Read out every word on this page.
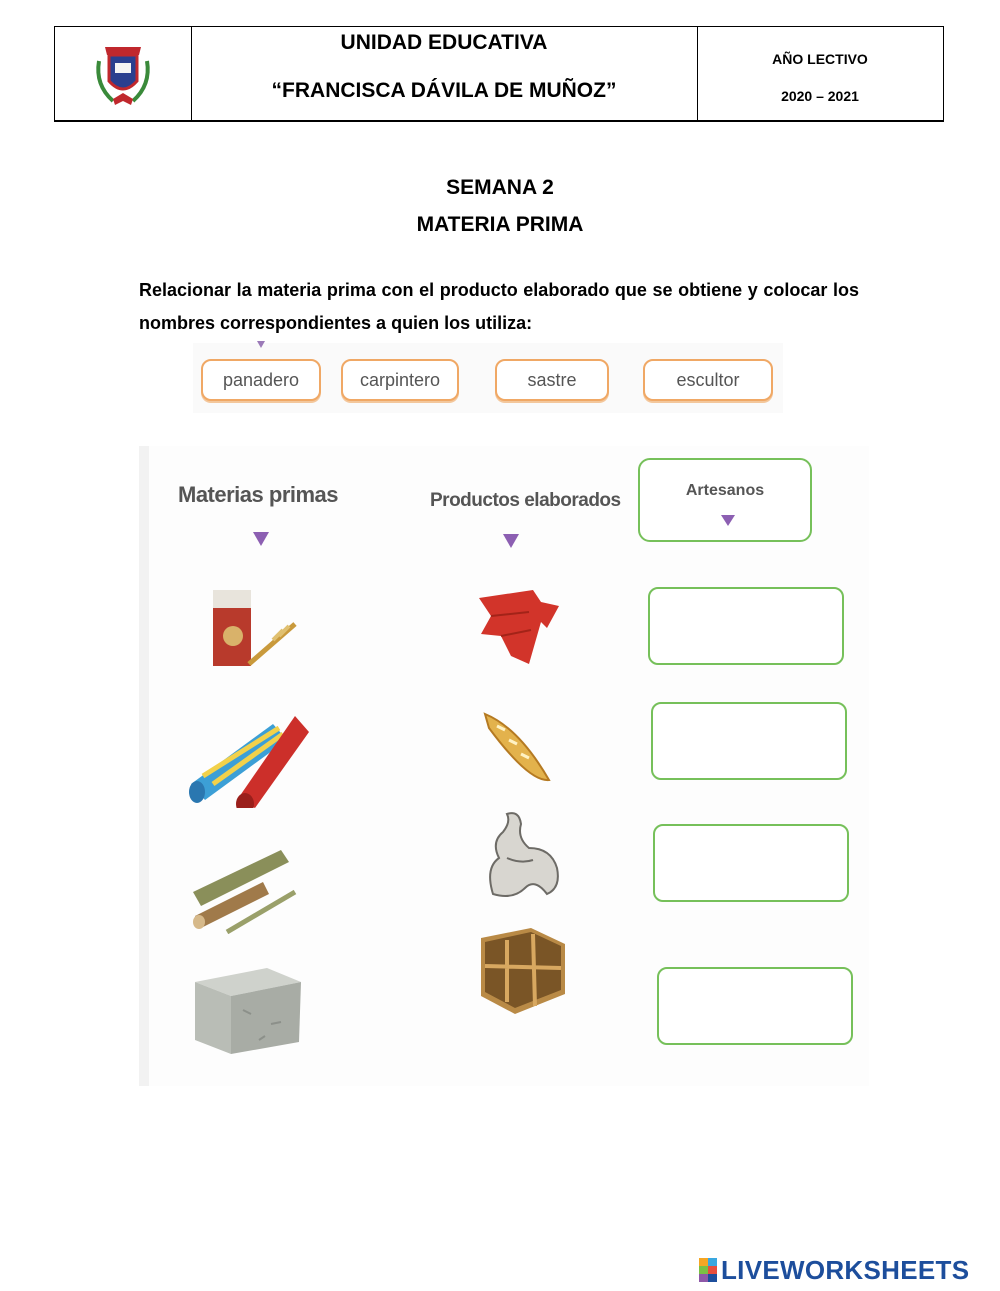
UNIDAD EDUCATIVA
“FRANCISCA DÁVILA DE MUÑOZ”
AÑO LECTIVO
2020 – 2021
SEMANA 2
MATERIA PRIMA
Relacionar la materia prima con el producto elaborado que se obtiene y colocar los nombres correspondientes a quien los utiliza:
panadero	carpintero	sastre	escultor
Materias primas	Productos elaborados	Artesanos
LIVEWORKSHEETS
